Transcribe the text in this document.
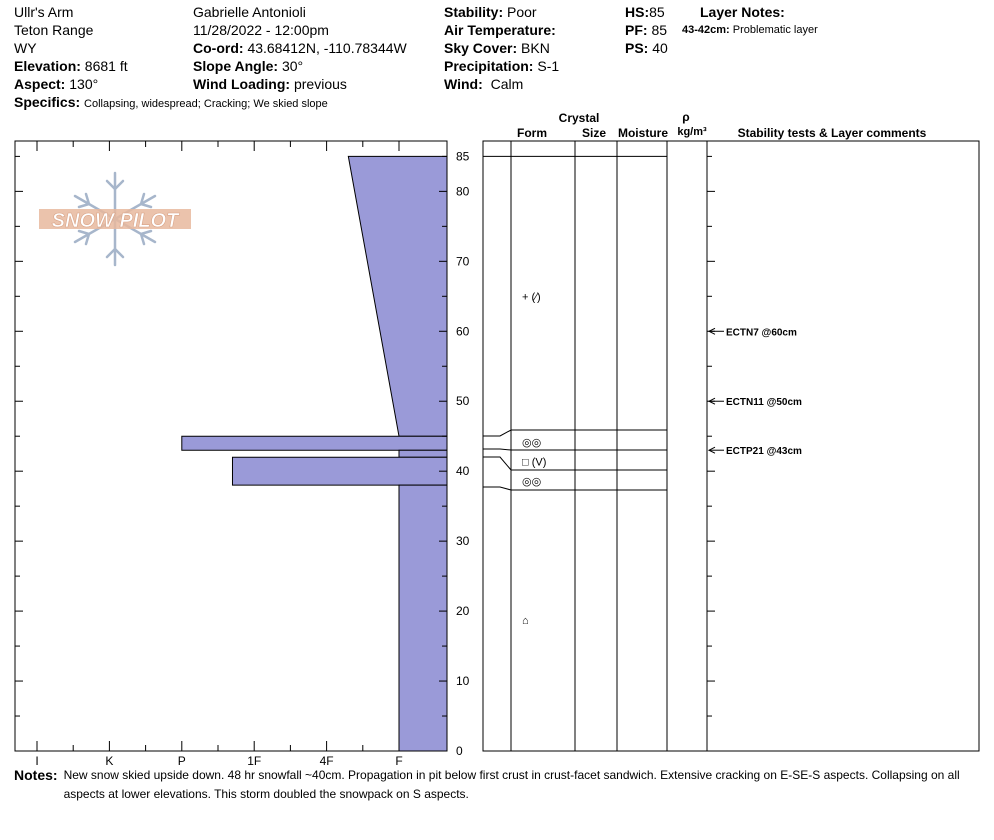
Ullr's Arm
Teton Range
WY
Elevation: 8681 ft
Aspect: 130°
Gabrielle Antonioli
11/28/2022 - 12:00pm
Co-ord: 43.68412N, -110.78344W
Slope Angle: 30°
Wind Loading: previous
Stability: Poor
Air Temperature:
Sky Cover: BKN
Precipitation: S-1
Wind: Calm
HS:85
PF: 85
PS: 40
Layer Notes:
43-42cm: Problematic layer
Specifics: Collapsing, widespread; Cracking; We skied slope
Crystal
Form	Size Moisture
ρ
kg/m³	Stability tests & Layer comments
I	K	P	1F	4F	F
0
10
20
30
40
50
60
70
80
85
+ (⁄)
◎◎
□ (V)
◎◎
⌂
ECTN7 @60cm
ECTN11 @50cm
ECTP21 @43cm
SNOW PILOT
Notes: New snow skied upside down. 48 hr snowfall ~40cm. Propagation in pit below first crust in crust-facet sandwich. Extensive cracking on E-SE-S aspects. Collapsing on all aspects at lower elevations. This storm doubled the snowpack on S aspects.
